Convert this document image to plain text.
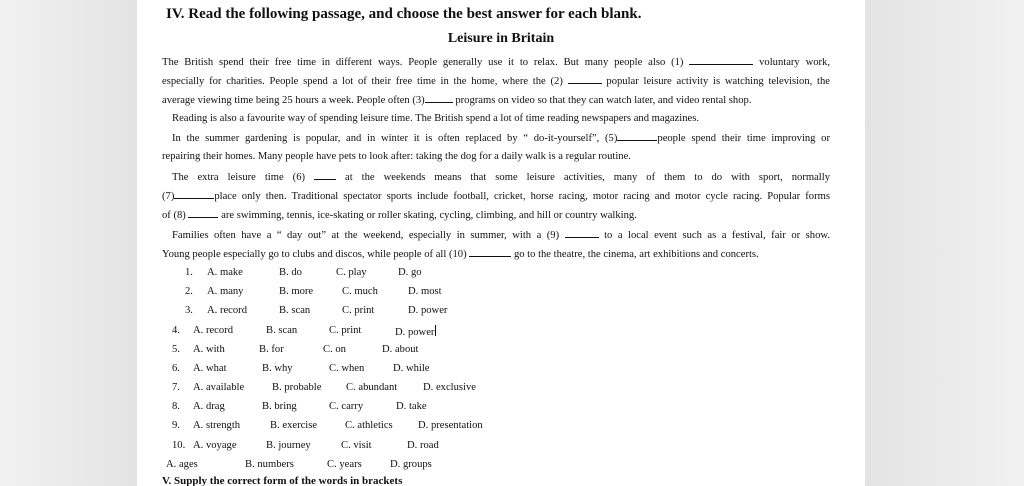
IV. Read the following passage, and choose the best answer for each blank.
Leisure in Britain
The British spend their free time in different ways. People generally use it to relax. But many people also (1)	voluntary work,
especially for charities. People spend a lot of their free time in the home, where the (2)	popular leisure activity is watching television, the
average viewing time being 25 hours a week. People often (3)	programs on video so that they can watch later, and video rental shop.
Reading is also a favourite way of spending leisure time. The British spend a lot of time reading newspapers and magazines.
In the summer gardening is popular, and in winter it is often replaced by “ do-it-yourself”, (5)	people spend their time improving or
repairing their homes. Many people have pets to look after: taking the dog for a daily walk is a regular routine.
The extra leisure time (6)	at the weekends means that some leisure activities, many of them to do with sport, normally
(7)	place only then. Traditional spectator sports include football, cricket, horse racing, motor racing and motor cycle racing. Popular forms
of (8)	are swimming, tennis, ice-skating or roller skating, cycling, climbing, and hill or country walking.
Families often have a “ day out” at the weekend, especially in summer, with a (9)	to a local event such as a festival, fair or show.
Young people especially go to clubs and discos, while people of all (10)	go to the theatre, the cinema, art exhibitions and concerts.
1. A. make	B. do	C. play	D. go
2. A. many	B. more	C. much	D. most
3. A. record	B. scan	C. print	D. power
4. A. record	B. scan	C. print	D. power
5. A. with	B. for	C. on	D. about
6. A. what	B. why	C. when	D. while
7. A. available	B. probable C. abundant D. exclusive
8. A. drag	B. bring	C. carry	D. take
9. A. strength	B. exercise	C. athletics D. presentation
10. A. voyage	B. journey	C. visit	D. road
A. ages	B. numbers	C. years	D. groups
V. Supply the correct form of the words in brackets
